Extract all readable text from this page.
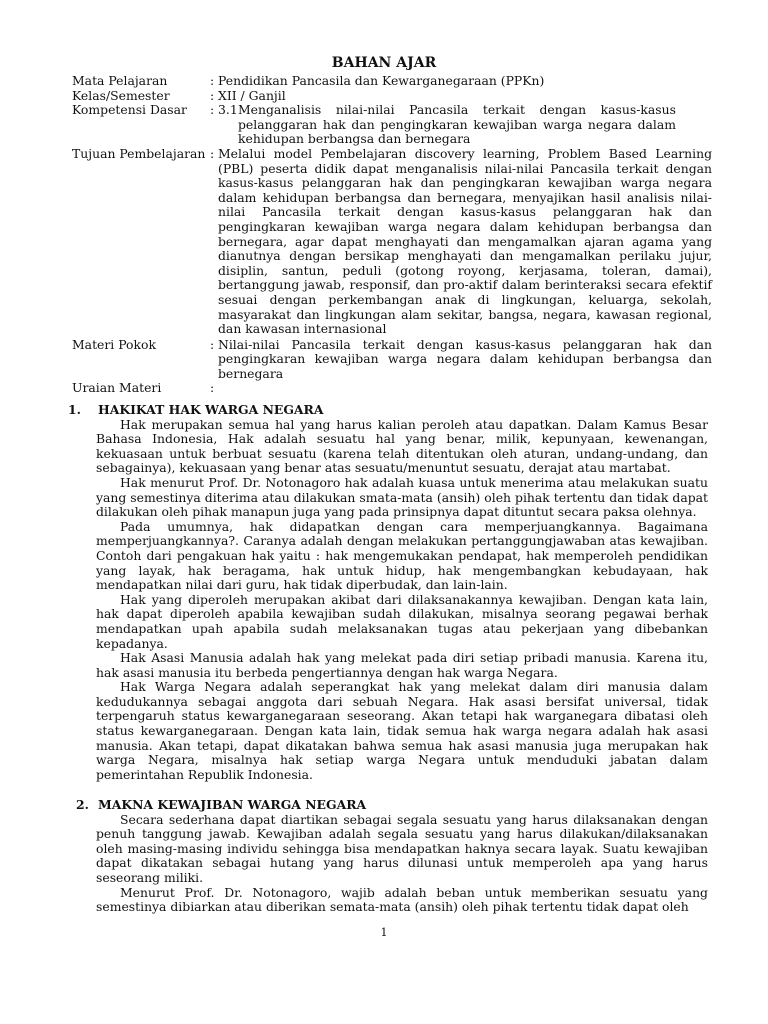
BAHAN AJAR
Mata Pelajaran	: Pendidikan Pancasila dan Kewarganegaraan (PPKn)
Kelas/Semester	: XII / Ganjil
Kompetensi Dasar	: 3.1Menganalisis nilai-nilai Pancasila terkait dengan kasus-kasus pelanggaran hak dan pengingkaran kewajiban warga negara dalam kehidupan berbangsa dan bernegara
Tujuan Pembelajaran : Melalui model Pembelajaran discovery learning, Problem Based Learning (PBL) peserta didik dapat menganalisis nilai-nilai Pancasila terkait dengan kasus-kasus pelanggaran hak dan pengingkaran kewajiban warga negara dalam kehidupan berbangsa dan bernegara, menyajikan hasil analisis nilai-nilai Pancasila terkait dengan kasus-kasus pelanggaran hak dan pengingkaran kewajiban warga negara dalam kehidupan berbangsa dan bernegara, agar dapat menghayati dan mengamalkan ajaran agama yang dianutnya dengan bersikap menghayati dan mengamalkan perilaku jujur, disiplin, santun, peduli (gotong royong, kerjasama, toleran, damai), bertanggung jawab, responsif, dan pro-aktif dalam berinteraksi secara efektif sesuai dengan perkembangan anak di lingkungan, keluarga, sekolah, masyarakat dan lingkungan alam sekitar, bangsa, negara, kawasan regional, dan kawasan internasional
Materi Pokok	: Nilai-nilai Pancasila terkait dengan kasus-kasus pelanggaran hak dan pengingkaran kewajiban warga negara dalam kehidupan berbangsa dan bernegara
Uraian Materi	:
1.	HAKIKAT HAK WARGA NEGARA

Hak merupakan semua hal yang harus kalian peroleh atau dapatkan. Dalam Kamus Besar Bahasa Indonesia, Hak adalah sesuatu hal yang benar, milik, kepunyaan, kewenangan, kekuasaan untuk berbuat sesuatu (karena telah ditentukan oleh aturan, undang-undang, dan sebagainya), kekuasaan yang benar atas sesuatu/menuntut sesuatu, derajat atau martabat.

Hak menurut Prof. Dr. Notonagoro hak adalah kuasa untuk menerima atau melakukan suatu yang semestinya diterima atau dilakukan smata-mata (ansih) oleh pihak tertentu dan tidak dapat dilakukan oleh pihak manapun juga yang pada prinsipnya dapat dituntut secara paksa olehnya.

Pada umumnya, hak didapatkan dengan cara memperjuangkannya. Bagaimana memperjuangkannya?. Caranya adalah dengan melakukan pertanggungjawaban atas kewajiban. Contoh dari pengakuan hak yaitu : hak mengemukakan pendapat, hak memperoleh pendidikan yang layak, hak beragama, hak untuk hidup, hak mengembangkan kebudayaan, hak mendapatkan nilai dari guru, hak tidak diperbudak, dan lain-lain.

Hak yang diperoleh merupakan akibat dari dilaksanakannya kewajiban. Dengan kata lain, hak dapat diperoleh apabila kewajiban sudah dilakukan, misalnya seorang pegawai berhak mendapatkan upah apabila sudah melaksanakan tugas atau pekerjaan yang dibebankan kepadanya.

Hak Asasi Manusia adalah hak yang melekat pada diri setiap pribadi manusia. Karena itu, hak asasi manusia itu berbeda pengertiannya dengan hak warga Negara.

Hak Warga Negara adalah seperangkat hak yang melekat dalam diri manusia dalam kedudukannya sebagai anggota dari sebuah Negara. Hak asasi bersifat universal, tidak terpengaruh status kewarganegaraan seseorang. Akan tetapi hak warganegara dibatasi oleh status kewarganegaraan. Dengan kata lain, tidak semua hak warga negara adalah hak asasi manusia. Akan tetapi, dapat dikatakan bahwa semua hak asasi manusia juga merupakan hak warga Negara, misalnya hak setiap warga Negara untuk menduduki jabatan dalam pemerintahan Republik Indonesia.

2. MAKNA KEWAJIBAN WARGA NEGARA

Secara sederhana dapat diartikan sebagai segala sesuatu yang harus dilaksanakan dengan penuh tanggung jawab. Kewajiban adalah segala sesuatu yang harus dilakukan/dilaksanakan oleh masing-masing individu sehingga bisa mendapatkan haknya secara layak. Suatu kewajiban dapat dikatakan sebagai hutang yang harus dilunasi untuk memperoleh apa yang harus seseorang miliki.

Menurut Prof. Dr. Notonagoro, wajib adalah beban untuk memberikan sesuatu yang semestinya dibiarkan atau diberikan semata-mata (ansih) oleh pihak tertentu tidak dapat oleh

1
